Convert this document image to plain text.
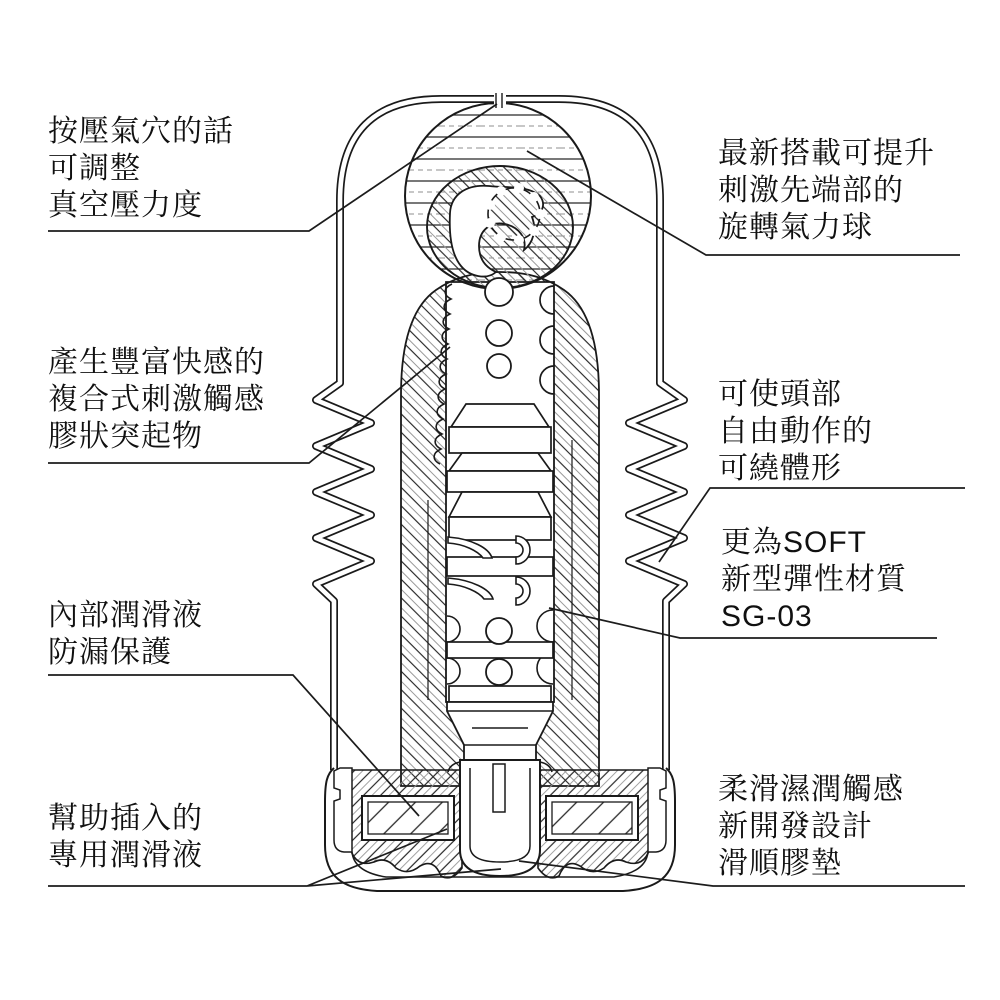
按壓氣穴的話
可調整
真空壓力度
產生豐富快感的
複合式刺激觸感
膠狀突起物
內部潤滑液
防漏保護
幫助插入的
專用潤滑液
最新搭載可提升
刺激先端部的
旋轉氣力球
可使頭部
自由動作的
可繞體形
更為SOFT
新型彈性材質
SG-03
柔滑濕潤觸感
新開發設計
滑順膠墊
